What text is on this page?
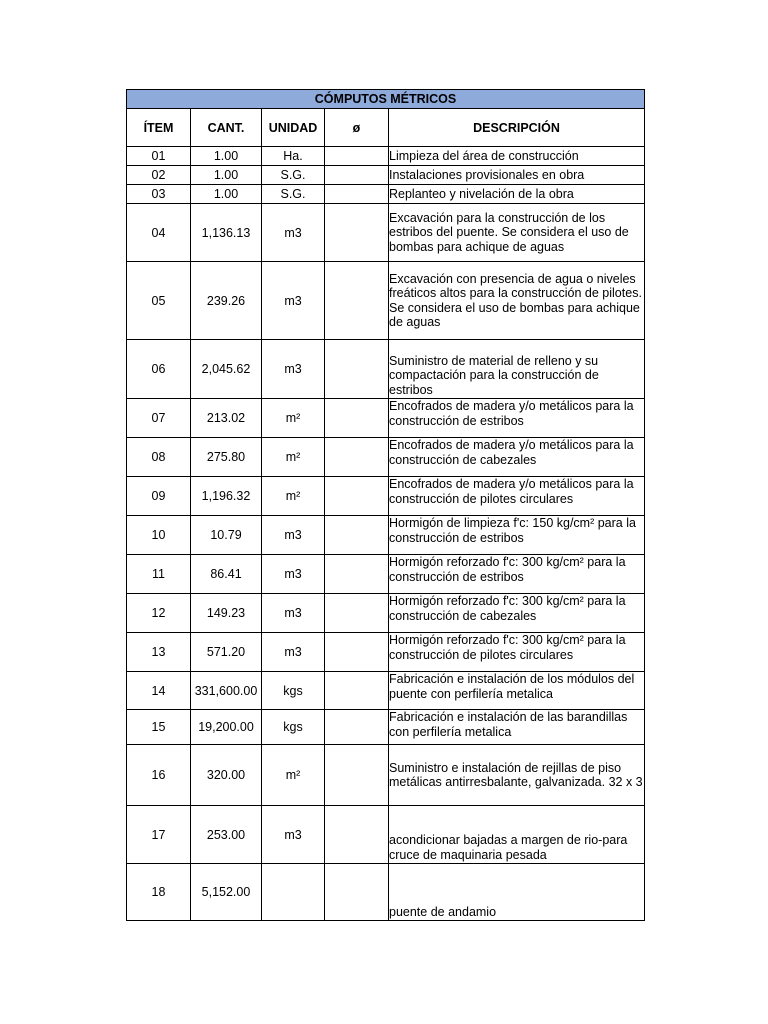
CÓMPUTOS MÉTRICOS				
ÍTEM	CANT.	UNIDAD	ø	DESCRIPCIÓN
01	1.00	Ha.		Limpieza del área de construcción
02	1.00	S.G.		Instalaciones provisionales en obra
03	1.00	S.G.		Replanteo y nivelación de la obra
04	1,136.13	m3		Excavación para la construcción de los estribos del puente. Se considera el uso de bombas para achique de aguas
05	239.26	m3		Excavación con presencia de agua o niveles freáticos altos para la construcción de pilotes. Se considera el uso de bombas para achique de aguas
06	2,045.62	m3		Suministro de material de relleno y su compactación para la construcción de estribos
07	213.02	m²		Encofrados de madera y/o metálicos para la construcción de estribos
08	275.80	m²		Encofrados de madera y/o metálicos para la construcción de cabezales
09	1,196.32	m²		Encofrados de madera y/o metálicos para la construcción de pilotes circulares
10	10.79	m3		Hormigón de limpieza f'c: 150 kg/cm² para la construcción de estribos
11	86.41	m3		Hormigón reforzado f'c: 300 kg/cm² para la construcción de estribos
12	149.23	m3		Hormigón reforzado f'c: 300 kg/cm² para la construcción de cabezales
13	571.20	m3		Hormigón reforzado f'c: 300 kg/cm² para la construcción de pilotes circulares
14	331,600.00	kgs		Fabricación e instalación de los módulos del puente con perfilería metalica
15	19,200.00	kgs		Fabricación e instalación de las barandillas con perfilería metalica
16	320.00	m²		Suministro e instalación de rejillas de piso metálicas antirresbalante, galvanizada. 32 x 3
17	253.00	m3		acondicionar bajadas a margen de rio-para cruce de maquinaria pesada
18	5,152.00			puente de andamio
